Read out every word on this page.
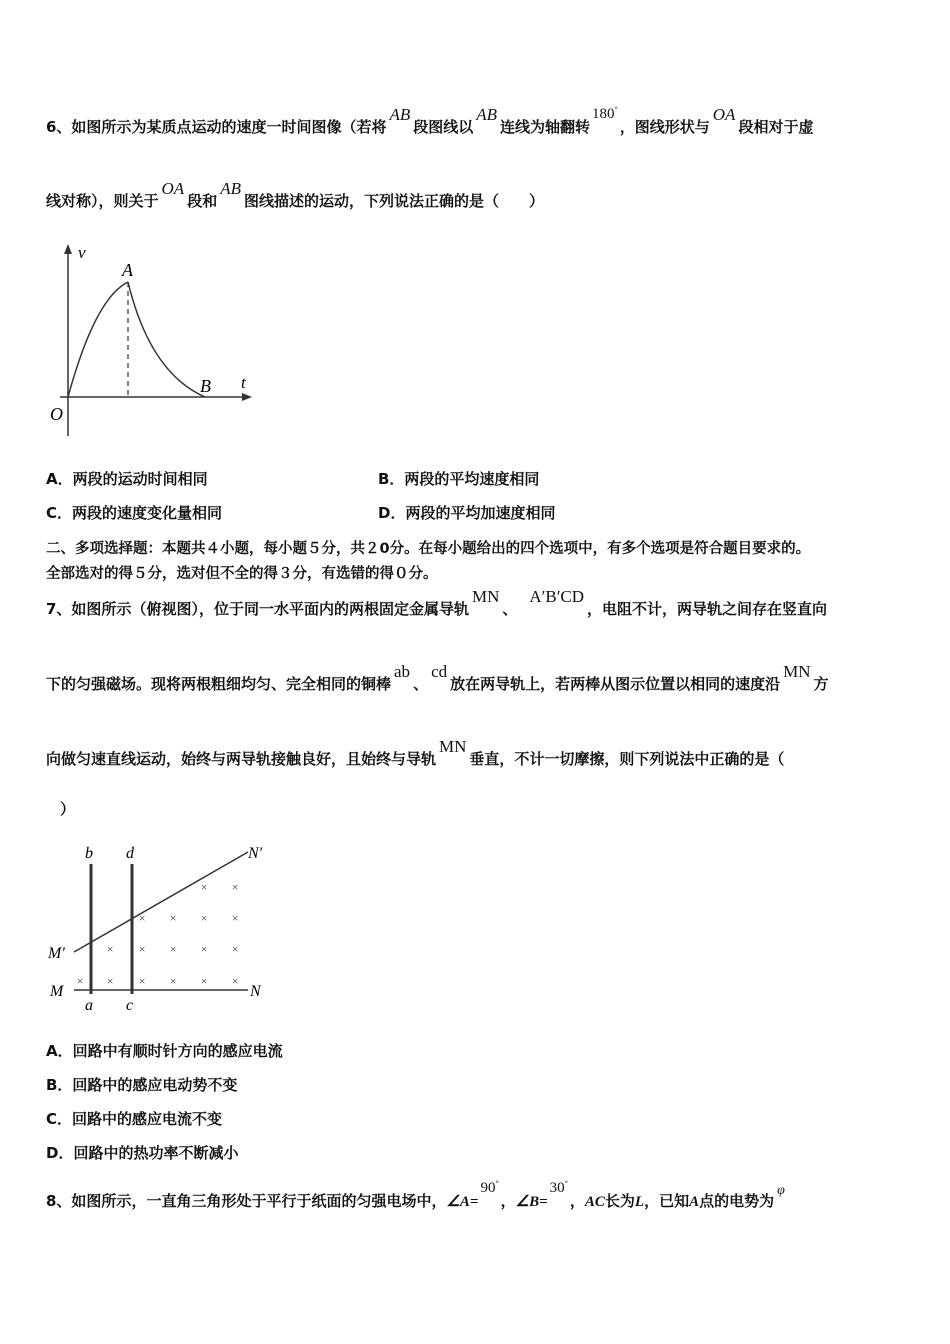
6、如图所示为某质点运动的速度一时间图像（若将AB段图线以AB连线为轴翻转180°，图线形状与OA段相对于虚
线对称），则关于OA段和AB图线描述的运动，下列说法正确的是（　　）
v
A
B t
O
A．两段的运动时间相同	B．两段的平均速度相同
C．两段的速度变化量相同	D．两段的平均加速度相同
二、多项选择题：本题共４小题，每小题５分，共２0分。在每小题给出的四个选项中，有多个选项是符合题目要求的。
全部选对的得５分，选对但不全的得３分，有选错的得０分。
7、如图所示（俯视图），位于同一水平面内的两根固定金属导轨MN、A′B′CD，电阻不计，两导轨之间存在竖直向
下的匀强磁场。现将两根粗细均匀、完全相同的铜棒ab、cd放在两导轨上，若两棒从图示位置以相同的速度沿MN方
向做匀速直线运动，始终与两导轨接触良好，且始终与导轨MN垂直，不计一切摩擦，则下列说法中正确的是（
）
× × × × × ×
× × × × ×
× × × ×
× ×
b d	N′
M′
M	N
a c
A．回路中有顺时针方向的感应电流
B．回路中的感应电动势不变
C．回路中的感应电流不变
D．回路中的热功率不断减小
8、如图所示，一直角三角形处于平行于纸面的匀强电场中，∠A=90°，∠B=30°，AC长为L，已知A点的电势为φ
